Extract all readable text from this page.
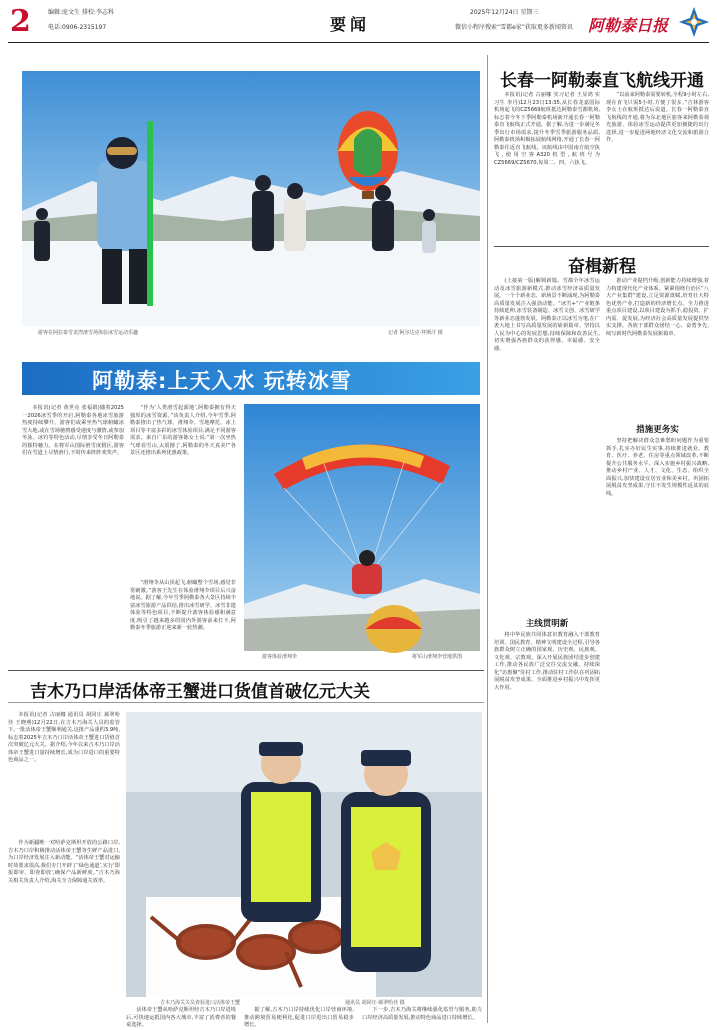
2	编辑:庞文生 排校:李志科
电话:0906-2315197	要闻
2025年12月24日 星期三
微信小程序搜索“雪都e家”获取更多新闻资讯 阿勒泰日报
游客在阿拉泰雪龙湾滑雪场体验冰雪运动乐趣	记者 阿尔达克·拜斯汗 摄
阿勒泰:上天入水 玩转冰雪

本报讯(记者 黄世亮 张福娟)随着2025一2026冰雪季的开启,阿勒泰各地冰雪旅游热度持续攀升。游客们或乘坐热气球俯瞰冰雪大地,或在雪场驰骋感受速度与激情,或参加冬泳、冰钓等特色活动,尽情享受冬日阿勒泰的独特魅力。在将军山国际滑雪度假区,游客们在雪道上尽情滑行,不时传来阵阵欢笑声。

“作为‘人类滑雪起源地’,阿勒泰拥有得天独厚的冰雪资源。”该负责人介绍,今年雪季,阿勒泰推出了热气球、滑翔伞、雪地摩托、冰上项目等丰富多彩的冰雪体验项目,满足不同游客需求。来自广东的游客陈女士说:“第一次坐热气球看雪山,太震撼了,阿勒泰的冬天真美!”各景区还推出系列优惠政策。

“滑翔伞从山顶起飞,俯瞰整个雪场,感觉非常刺激。”游客王先生在体验滑翔伞项目后兴奋地说。据了解,今年雪季阿勒泰各大景区持续丰富冰雪旅游产品供给,推出冰雪研学、冰雪非遗体验等特色项目,不断提升游客体验感和满意度,吸引了越来越多的国内外游客前来打卡,阿勒泰冬季旅游正迎来新一轮热潮。

游客体验滑翔伞	将军山滑翔伞营地供图
吉木乃口岸活体帝王蟹进口货值首破亿元大关

本报讯(记者 古丽娜 通讯员 胡同庄 郝翠哈佳 王晓燕)12月22日,在吉木乃海关人员的监管下,一批活体帝王蟹顺利通关,这批产品重约3.9吨,标志着2025年吉木乃口岸活体帝王蟹进口货值首次突破亿元大关。据介绍,今年以来吉木乃口岸活体帝王蟹进口量持续增长,成为口岸进口的重要特色商品之一。

作为新疆唯一对哈萨克斯坦开放的公路口岸,吉木乃口岸积极推动活体帝王蟹等生鲜产品进口,为口岸经济发展注入新动能。“活体帝王蟹对运输时效要求很高,我们专门开辟了‘绿色通道’,实行‘即报即审、即查即放’,确保产品新鲜度。”吉木乃海关相关负责人介绍,海关全力保障通关效率。

吉木乃海关关员查验进口活体帝王蟹	通讯员 胡同庄·郝翠哈佳 摄

活体帝王蟹从哈萨克斯坦经吉木乃口岸进境后,可快速运抵国内各大城市,丰富了消费者的餐桌选择。

据了解,吉木乃口岸持续优化口岸营商环境,推动跨境贸易便利化,促进口岸进出口贸易稳步增长。

下一步,吉木乃海关将继续强化监管与服务,助力口岸经济高质量发展,推动特色商品进口持续增长。

长春一阿勒泰直飞航线开通

本报讯(记者 古丽娜 实习记者 王显鸿 实习生 李丹)12月23日13:35,从长春龙嘉国际机场起飞的CZ5669航班抵达阿勒泰雪都机场,标志着今冬下季阿勒泰机场新开通长春一阿勒泰直飞航线正式开通。据了解,为进一步满足冬季出行市场需求,提升冬季雪季旅游服务品质,阿勒泰机场积极拓展航线网络,开通了长春一阿勒泰往返直飞航线。该航线由中国南方航空执飞,使用空客A320机型,航班号为CZ5669/CZ5670,每周二、四、六执飞。

“以前来阿勒泰需要转机,全程9小时左右,现在直飞只需5小时,方便了很多。”吉林游客李女士在航班抵达后说道。长春一阿勒泰直飞航线的开通,将为东北地区旅客来阿勒泰观光旅游、体验冰雪运动提供更加便捷的出行选择,进一步促进两地经济文化交流和旅游合作。

奋楫新程

(上接第一版)解锁新篇。雪都全年冰雪运动及冰雪旅游新模式,推动冰雪经济高质量发展。一个个新业态、新场景不断涌现,为阿勒泰高质量发展注入强劲动能。“冰雪+”产业链条持续延伸,冰雪装备制造、冰雪文创、冰雪研学等新业态蓬勃发展。阿勒泰正以冰雪为笔,在广袤大地上书写高质量发展的崭新篇章。坚持以人民为中心的发展思想,持续保障和改善民生,切实增强各族群众的获得感、幸福感、安全感。

推动产业提档升级,创新能力持续增强,着力构建现代化产业体系。紧紧围绕自治区“八大产业集群”建设,立足资源禀赋,培育壮大特色优势产业,打造新的经济增长点。全力推进重点项目建设,以项目建设为抓手,稳投资、扩内需、促发展,为经济社会高质量发展提供坚实支撑。各族干部群众团结一心、奋勇争先,续写新时代阿勒泰发展新篇章。

措施更务实

坚持把解决群众急难愁盼问题作为重要抓手,扎实办好民生实事,持续推进就业、教育、医疗、养老、住房等重点领域改革,不断提升公共服务水平。深入实施乡村振兴战略,推动乡村产业、人才、文化、生态、组织全面振兴,加快建设宜居宜业和美乡村。巩固拓展脱贫攻坚成果,守住不发生规模性返贫的底线。

主线贯明新

将中华民族共同体意识教育融入干部教育培训、国民教育、精神文明建设全过程,引导各族群众树立正确的国家观、历史观、民族观、文化观、宗教观。深入开展民族团结进步创建工作,推动各民族广泛交往交流交融。持续深化“访惠聚”驻村工作,推动驻村工作队在巩固拓展脱贫攻坚成果、全面推进乡村振兴中发挥更大作用。
